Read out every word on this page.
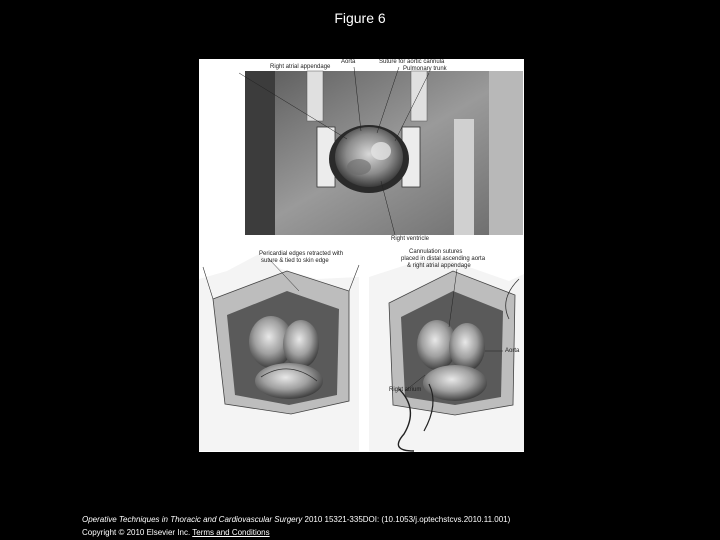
Figure 6
Right atrial appendage
Aorta	Suture for aortic cannula
Pulmonary trunk
Right ventricle
Pericardial edges retracted with
suture & tied to skin edge
Cannulation sutures
placed in distal ascending aorta
& right atrial appendage
Aorta
Right atrium
Operative Techniques in Thoracic and Cardiovascular Surgery 2010 15321-335DOI: (10.1053/j.optechstcvs.2010.11.001)
Copyright © 2010 Elsevier Inc. Terms and Conditions
